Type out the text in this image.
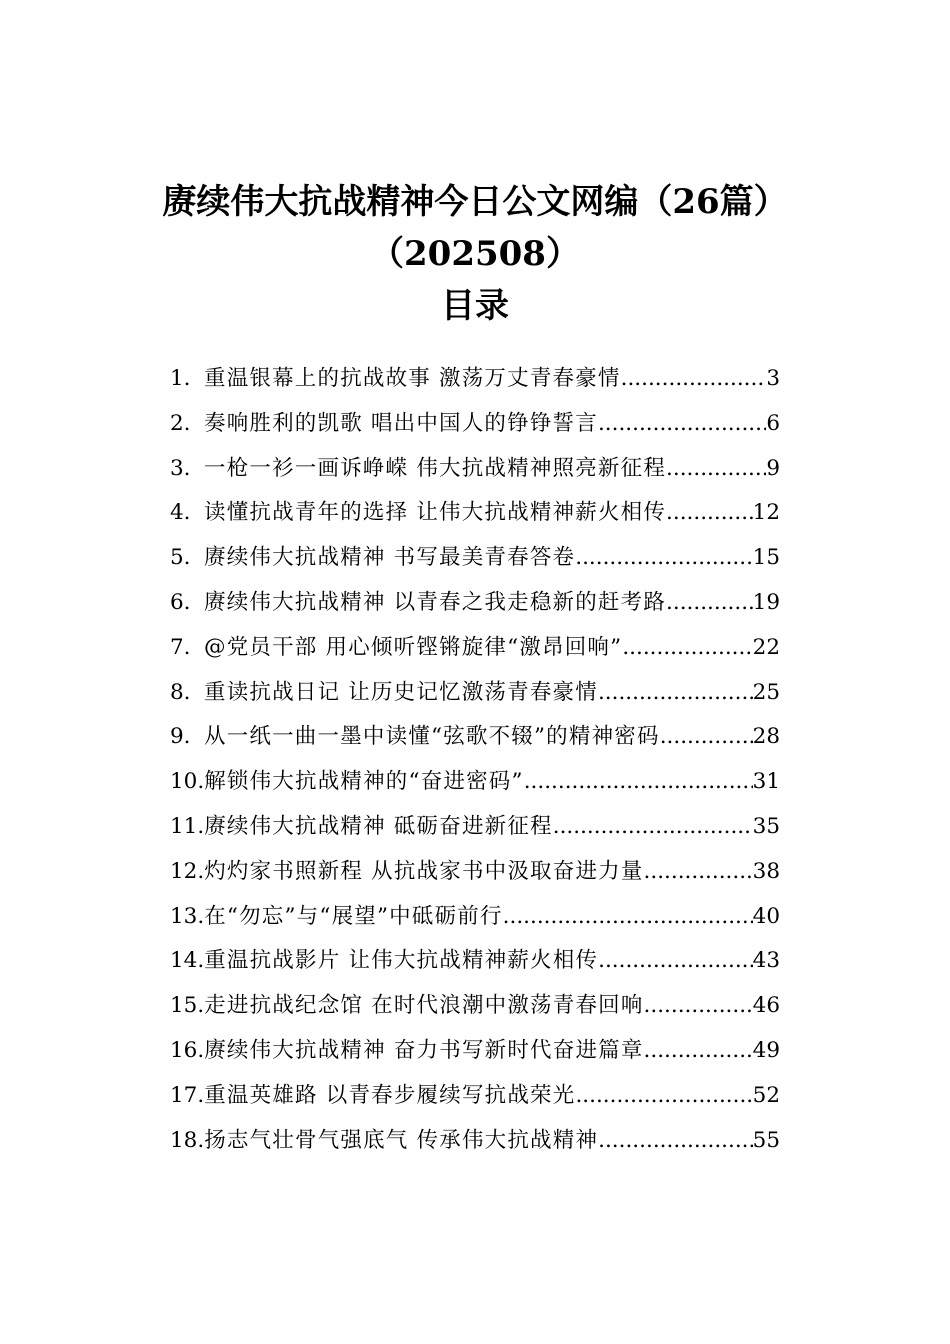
赓续伟大抗战精神今日公文网编（26篇）
（202508）
目录
1. 重温银幕上的抗战故事 激荡万丈青春豪情 .....	3
2. 奏响胜利的凯歌 唱出中国人的铮铮誓言 .....	6
3. 一枪一衫一画诉峥嵘 伟大抗战精神照亮新征程 .....	9
4. 读懂抗战青年的选择 让伟大抗战精神薪火相传 .....	12
5. 赓续伟大抗战精神 书写最美青春答卷 .....	15
6. 赓续伟大抗战精神 以青春之我走稳新的赶考路 .....	19
7. @党员干部 用心倾听铿锵旋律“激昂回响” .....	22
8. 重读抗战日记 让历史记忆激荡青春豪情 .....	25
9. 从一纸一曲一墨中读懂“弦歌不辍”的精神密码 .....	28
10. 解锁伟大抗战精神的“奋进密码” .....	31
11. 赓续伟大抗战精神 砥砺奋进新征程 .....	35
12. 灼灼家书照新程 从抗战家书中汲取奋进力量 .....	38
13. 在“勿忘”与“展望”中砥砺前行 .....	40
14. 重温抗战影片 让伟大抗战精神薪火相传 .....	43
15. 走进抗战纪念馆 在时代浪潮中激荡青春回响 .....	46
16. 赓续伟大抗战精神 奋力书写新时代奋进篇章 .....	49
17. 重温英雄路 以青春步履续写抗战荣光 .....	52
18. 扬志气壮骨气强底气 传承伟大抗战精神 .....	55
